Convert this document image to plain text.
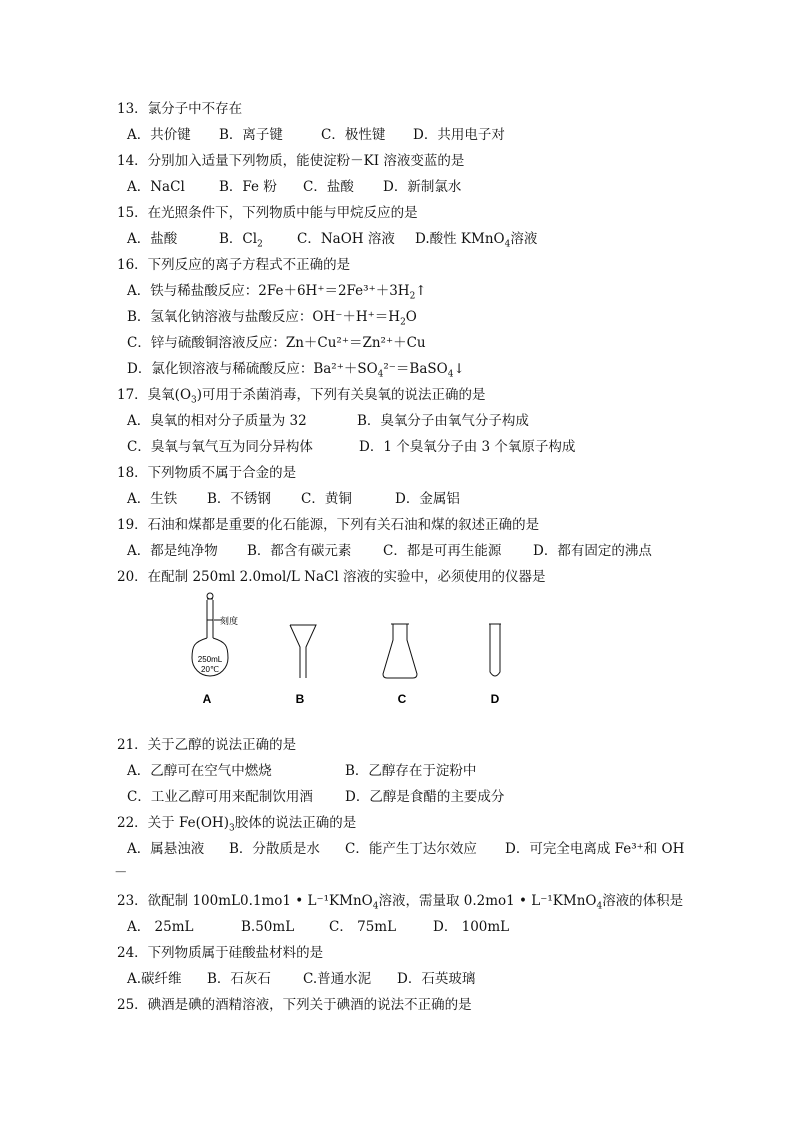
13．氯分子中不存在
A．共价键 B．离子键	C．极性键 D．共用电子对
14．分别加入适量下列物质，能使淀粉－KI 溶液变蓝的是
A．NaCl	B．Fe 粉 C．盐酸 D．新制氯水
15．在光照条件下，下列物质中能与甲烷反应的是
A．盐酸	B．$Cl_2$	C．NaOH 溶液 D.酸性 KMnO$_4$溶液
16．下列反应的离子方程式不正确的是
A．铁与稀盐酸反应：$2Fe+6H^+=2Fe^{3+}+3H_2↑$
B．氢氧化钠溶液与盐酸反应：$OH^-+H^+=H_2O$
C．锌与硫酸铜溶液反应：Zn＋Cu²⁺＝Zn²⁺＋Cu
D．氯化钡溶液与稀硫酸反应：$Ba^{2+}+SO_4^{2-}=BaSO_4↓$
17．臭氧$(O_3)$可用于杀菌消毒，下列有关臭氧的说法正确的是
A．臭氧的相对分子质量为 32	B．臭氧分子由氧气分子构成
C．臭氧与氧气互为同分异构体	D．1 个臭氧分子由 3 个氧原子构成
18．下列物质不属于合金的是
A．生铁 B．不锈钢 C．黄铜	D．金属铝
19．石油和煤都是重要的化石能源，下列有关石油和煤的叙述正确的是
A．都是纯净物 B．都含有碳元素 C．都是可再生能源 D．都有固定的沸点
20．在配制 250ml 2.0mol/L NaCl 溶液的实验中，必须使用的仪器是
刻度
250mL
20℃
A	B	C	D
21．关于乙醇的说法正确的是
A．乙醇可在空气中燃烧	B．乙醇存在于淀粉中
C．工业乙醇可用来配制饮用酒 D．乙醇是食醋的主要成分
22．关于 $Fe(OH)_3$胶体的说法正确的是
A．属悬浊液 B．分散质是水 C．能产生丁达尔效应 D．可完全电离成 Fe³⁺和 OH
－
23．欲配制 100mL0.1mo1 • L⁻¹KMnO$_4$溶液，需量取 0.2mo1 • L⁻¹KMnO$_4$溶液的体积是
A． 25mL	B.50mL	C． 75mL	D． 100mL
24．下列物质属于硅酸盐材料的是
A.碳纤维 B．石灰石 C.普通水泥 D．石英玻璃
25．碘酒是碘的酒精溶液，下列关于碘酒的说法不正确的是
